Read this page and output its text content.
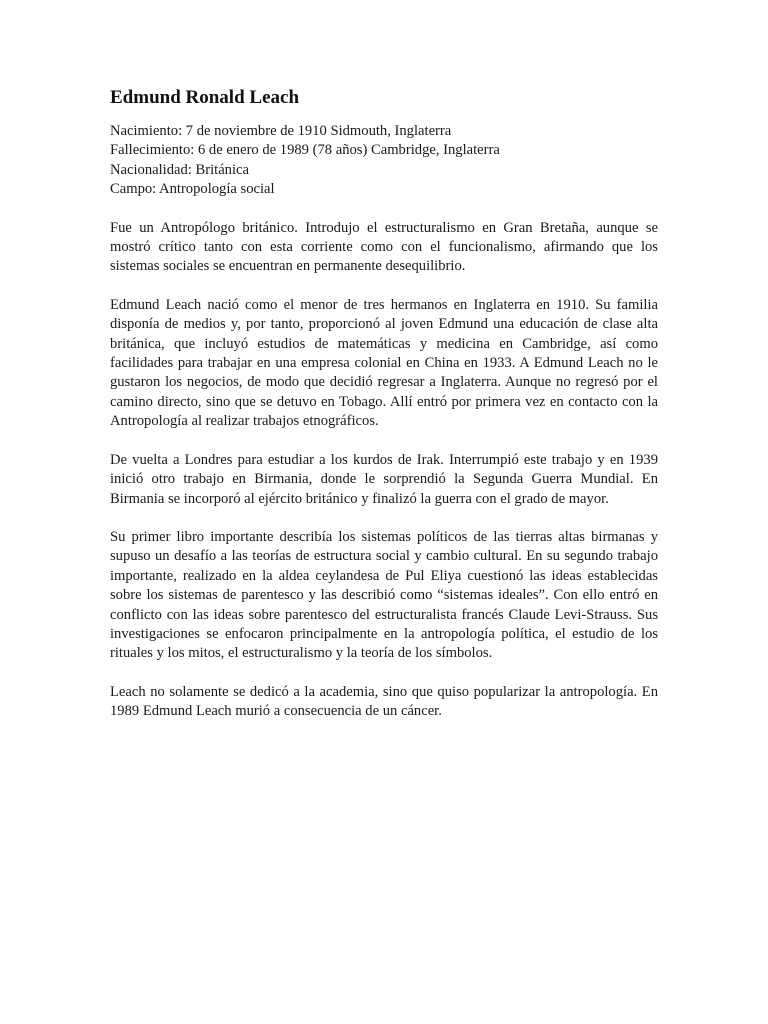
Edmund Ronald Leach
Nacimiento: 7 de noviembre de 1910 Sidmouth, Inglaterra
Fallecimiento: 6 de enero de 1989 (78 años) Cambridge, Inglaterra
Nacionalidad: Británica
Campo: Antropología social

Fue un Antropólogo británico. Introdujo el estructuralismo en Gran Bretaña, aunque se mostró crítico tanto con esta corriente como con el funcionalismo, afirmando que los sistemas sociales se encuentran en permanente desequilibrio.

Edmund Leach nació como el menor de tres hermanos en Inglaterra en 1910. Su familia disponía de medios y, por tanto, proporcionó al joven Edmund una educación de clase alta británica, que incluyó estudios de matemáticas y medicina en Cambridge, así como facilidades para trabajar en una empresa colonial en China en 1933. A Edmund Leach no le gustaron los negocios, de modo que decidió regresar a Inglaterra. Aunque no regresó por el camino directo, sino que se detuvo en Tobago. Allí entró por primera vez en contacto con la Antropología al realizar trabajos etnográficos.

De vuelta a Londres para estudiar a los kurdos de Irak. Interrumpió este trabajo y en 1939 inició otro trabajo en Birmania, donde le sorprendió la Segunda Guerra Mundial. En Birmania se incorporó al ejército británico y finalizó la guerra con el grado de mayor.

Su primer libro importante describía los sistemas políticos de las tierras altas birmanas y supuso un desafío a las teorías de estructura social y cambio cultural. En su segundo trabajo importante, realizado en la aldea ceylandesa de Pul Eliya cuestionó las ideas establecidas sobre los sistemas de parentesco y las describió como “sistemas ideales”. Con ello entró en conflicto con las ideas sobre parentesco del estructuralista francés Claude Levi-Strauss. Sus investigaciones se enfocaron principalmente en la antropología política, el estudio de los rituales y los mitos, el estructuralismo y la teoría de los símbolos.

Leach no solamente se dedicó a la academia, sino que quiso popularizar la antropología. En 1989 Edmund Leach murió a consecuencia de un cáncer.
